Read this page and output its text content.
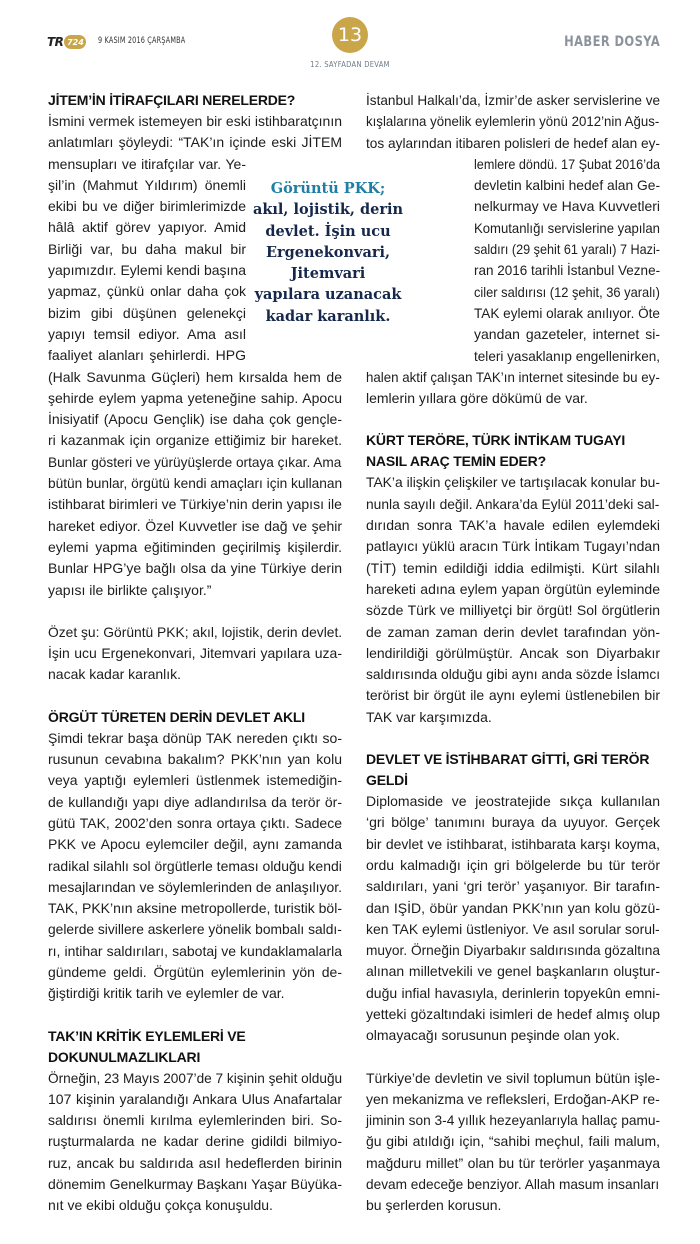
TR 724	9 KASIM 2016 ÇARŞAMBA	13
12. SAYFADAN DEVAM
HABER DOSYA
JİTEM’İN İTİRAFÇILARI NERELERDE?
İsmini vermek istemeyen bir eski istihbaratçının
anlatımları şöyleydi: “TAK’ın içinde eski JİTEM
mensupları ve itirafçılar var. Ye-
şil’in (Mahmut Yıldırım) önemli
ekibi bu ve diğer birimlerimizde
hâlâ aktif görev yapıyor. Amid
Birliği var, bu daha makul bir
yapımızdır. Eylemi kendi başına
yapmaz, çünkü onlar daha çok
bizim gibi düşünen gelenekçi
yapıyı temsil ediyor. Ama asıl
faaliyet alanları şehirlerdi. HPG
(Halk Savunma Güçleri) hem kırsalda hem de
şehirde eylem yapma yeteneğine sahip. Apocu
İnisiyatif (Apocu Gençlik) ise daha çok gençle-
ri kazanmak için organize ettiğimiz bir hareket.
Bunlar gösteri ve yürüyüşlerde ortaya çıkar. Ama
bütün bunlar, örgütü kendi amaçları için kullanan
istihbarat birimleri ve Türkiye’nin derin yapısı ile
hareket ediyor. Özel Kuvvetler ise dağ ve şehir
eylemi yapma eğitiminden geçirilmiş kişilerdir.
Bunlar HPG’ye bağlı olsa da yine Türkiye derin
yapısı ile birlikte çalışıyor.”
Özet şu: Görüntü PKK; akıl, lojistik, derin devlet.
İşin ucu Ergenekonvari, Jitemvari yapılara uza-
nacak kadar karanlık.
ÖRGÜT TÜRETEN DERİN DEVLET AKLI
Şimdi tekrar başa dönüp TAK nereden çıktı so-
rusunun cevabına bakalım? PKK’nın yan kolu
veya yaptığı eylemleri üstlenmek istemediğin-
de kullandığı yapı diye adlandırılsa da terör ör-
gütü TAK, 2002’den sonra ortaya çıktı. Sadece
PKK ve Apocu eylemciler değil, aynı zamanda
radikal silahlı sol örgütlerle teması olduğu kendi
mesajlarından ve söylemlerinden de anlaşılıyor.
TAK, PKK’nın aksine metropollerde, turistik böl-
gelerde sivillere askerlere yönelik bombalı saldı-
rı, intihar saldırıları, sabotaj ve kundaklamalarla
gündeme geldi. Örgütün eylemlerinin yön de-
ğiştirdiği kritik tarih ve eylemler de var.
TAK’IN KRİTİK EYLEMLERİ VE
DOKUNULMAZLIKLARI
Örneğin, 23 Mayıs 2007’de 7 kişinin şehit olduğu
107 kişinin yaralandığı Ankara Ulus Anafartalar
saldırısı önemli kırılma eylemlerinden biri. So-
ruşturmalarda ne kadar derine gidildi bilmiyo-
ruz, ancak bu saldırıda asıl hedeflerden birinin
dönemim Genelkurmay Başkanı Yaşar Büyüka-
nıt ve ekibi olduğu çokça konuşuldu.
Görüntü PKK;
akıl, lojistik, derin
devlet. İşin ucu
Ergenekonvari,
Jitemvari
yapılara uzanacak
kadar karanlık.
İstanbul Halkalı’da, İzmir’de asker servislerine ve
kışlalarına yönelik eylemlerin yönü 2012’nin Ağus-
tos aylarından itibaren polisleri de hedef alan ey-
lemlere döndü. 17 Şubat 2016’da
devletin kalbini hedef alan Ge-
nelkurmay ve Hava Kuvvetleri
Komutanlığı servislerine yapılan
saldırı (29 şehit 61 yaralı) 7 Hazi-
ran 2016 tarihli İstanbul Vezne-
ciler saldırısı (12 şehit, 36 yaralı)
TAK eylemi olarak anılıyor. Öte
yandan gazeteler, internet si-
teleri yasaklanıp engellenirken,
halen aktif çalışan TAK’ın internet sitesinde bu ey-
lemlerin yıllara göre dökümü de var.
KÜRT TERÖRE, TÜRK İNTİKAM TUGAYI
NASIL ARAÇ TEMİN EDER?
TAK’a ilişkin çelişkiler ve tartışılacak konular bu-
nunla sayılı değil. Ankara’da Eylül 2011’deki sal-
dırıdan sonra TAK’a havale edilen eylemdeki
patlayıcı yüklü aracın Türk İntikam Tugayı’ndan
(TİT) temin edildiği iddia edilmişti. Kürt silahlı
hareketi adına eylem yapan örgütün eyleminde
sözde Türk ve milliyetçi bir örgüt! Sol örgütlerin
de zaman zaman derin devlet tarafından yön-
lendirildiği görülmüştür. Ancak son Diyarbakır
saldırısında olduğu gibi aynı anda sözde İslamcı
terörist bir örgüt ile aynı eylemi üstlenebilen bir
TAK var karşımızda.
DEVLET VE İSTİHBARAT GİTTİ, GRİ TERÖR
GELDİ
Diplomaside ve jeostratejide sıkça kullanılan
‘gri bölge’ tanımını buraya da uyuyor. Gerçek
bir devlet ve istihbarat, istihbarata karşı koyma,
ordu kalmadığı için gri bölgelerde bu tür terör
saldırıları, yani ‘gri terör’ yaşanıyor. Bir tarafın-
dan IŞİD, öbür yandan PKK’nın yan kolu gözü-
ken TAK eylemi üstleniyor. Ve asıl sorular sorul-
muyor. Örneğin Diyarbakır saldırısında gözaltına
alınan milletvekili ve genel başkanların oluştur-
duğu infial havasıyla, derinlerin topyekûn emni-
yetteki gözaltındaki isimleri de hedef almış olup
olmayacağı sorusunun peşinde olan yok.
Türkiye’de devletin ve sivil toplumun bütün işle-
yen mekanizma ve refleksleri, Erdoğan-AKP re-
jiminin son 3-4 yıllık hezeyanlarıyla hallaç pamu-
ğu gibi atıldığı için, “sahibi meçhul, faili malum,
mağduru millet” olan bu tür terörler yaşanmaya
devam edeceğe benziyor. Allah masum insanları
bu şerlerden korusun.
